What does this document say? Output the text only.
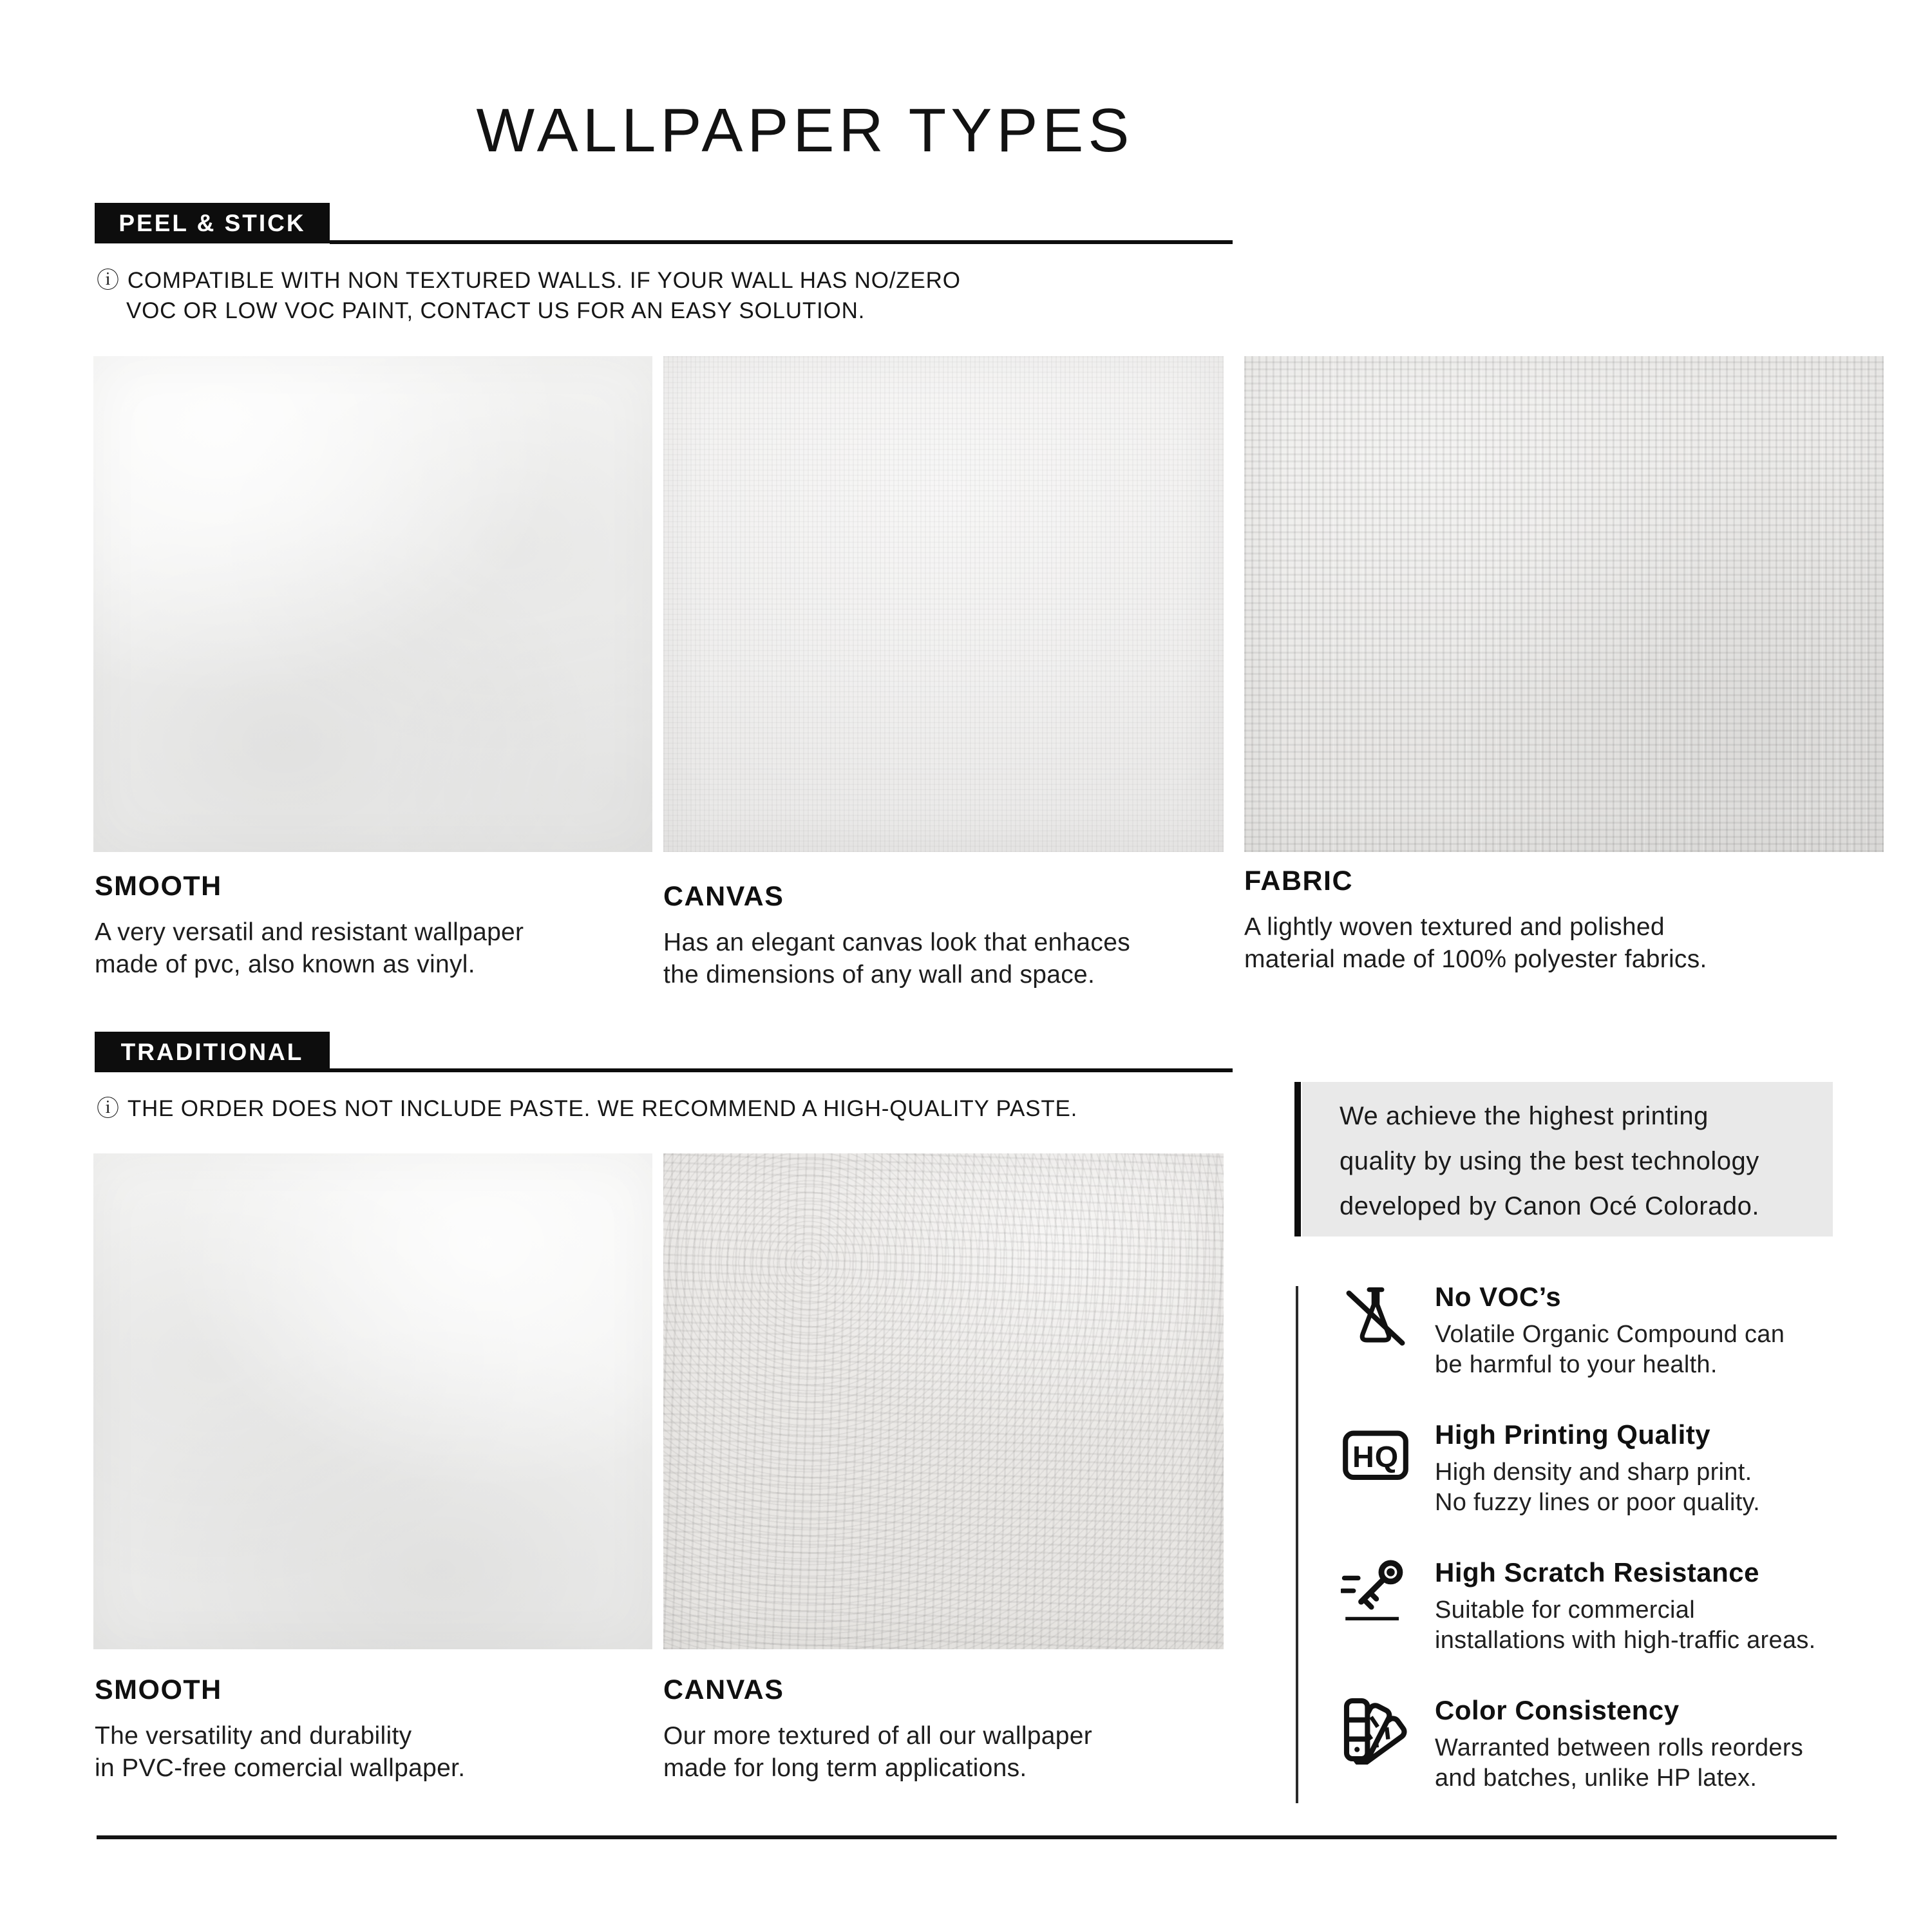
WALLPAPER TYPES
PEEL & STICK
ⓘ COMPATIBLE WITH NON TEXTURED WALLS. IF YOUR WALL HAS NO/ZERO
VOC OR LOW VOC PAINT, CONTACT US FOR AN EASY SOLUTION.
SMOOTH

A very versatil and resistant wallpaper
made of pvc, also known as vinyl.

CANVAS

Has an elegant canvas look that enhaces
the dimensions of any wall and space.

FABRIC

A lightly woven textured and polished
material made of 100% polyester fabrics.

TRADITIONAL
ⓘ THE ORDER DOES NOT INCLUDE PASTE. WE RECOMMEND A HIGH-QUALITY PASTE.
SMOOTH

The versatility and durability
in PVC-free comercial wallpaper.

CANVAS

Our more textured of all our wallpaper
made for long term applications.

We achieve the highest printing
quality by using the best technology
developed by Canon Océ Colorado.
No VOC’s

Volatile Organic Compound can
be harmful to your health.

HQ
High Printing Quality

High density and sharp print.
No fuzzy lines or poor quality.

High Scratch Resistance

Suitable for commercial
installations with high-traffic areas.

Color Consistency

Warranted between rolls reorders
and batches, unlike HP latex.
